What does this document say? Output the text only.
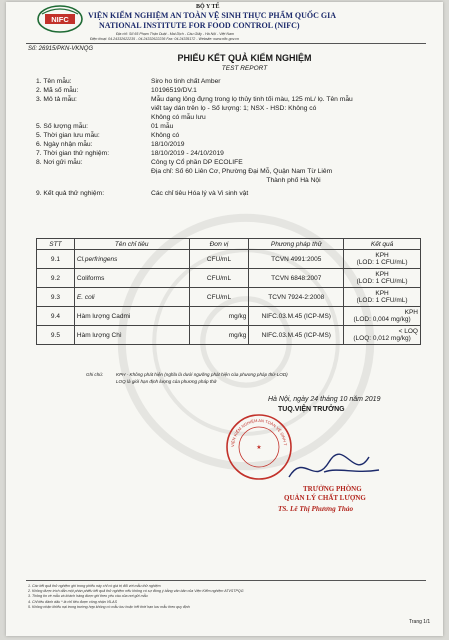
NIFC
BỘ Y TẾ
VIỆN KIỂM NGHIỆM AN TOÀN VỆ SINH THỰC PHẨM QUỐC GIA
NATIONAL INSTITUTE FOR FOOD CONTROL (NIFC)
Địa chỉ: Số 65 Phạm Thận Duật - Mai Dịch - Cầu Giấy - Hà Nội - Việt Nam
Điện thoại: 04.24332622235 - 04.24332622236 Fax: 04.24335172 - Website: www.nifc.gov.vn
Số: 26915/PKN-VKNQG
PHIẾU KẾT QUẢ KIỂM NGHIỆM
TEST REPORT
1. Tên mẫu:	Siro ho tinh chất Amber
2. Mã số mẫu:	10196519/DV.1
3. Mô tả mẫu:	Mẫu dạng lỏng đựng trong lọ thủy tinh tối màu, 125 mL/ lọ. Tên mẫu
viết tay dán trên lọ - Số lượng: 1; NSX - HSD: Không có
Không có mẫu lưu
5. Số lượng mẫu:	01 mẫu
5. Thời gian lưu mẫu:	Không có
6. Ngày nhận mẫu:	18/10/2019
7. Thời gian thử nghiệm:	18/10/2019 - 24/10/2019
8. Nơi gửi mẫu:	Công ty Cổ phần DP ECOLIFE
Địa chỉ: Số 60 Liên Cơ, Phường Đại Mỗ, Quận Nam Từ Liêm
Thành phố Hà Nội
9. Kết quả thử nghiệm:	Các chỉ tiêu Hóa lý và Vi sinh vật
STT	Tên chỉ tiêu	Đơn vị	Phương pháp thử	Kết quả
9.1	Cl.perfringens	CFU/mL	TCVN 4991:2005	KPH
(LOD: 1 CFU/mL)

9.2	Coliforms	CFU/mL	TCVN 6848:2007	KPH
(LOD: 1 CFU/mL)

9.3	E. coli	CFU/mL	TCVN 7924-2:2008	KPH
(LOD: 1 CFU/mL)

9.4	Hàm lượng Cadmi	mg/kg	NIFC.03.M.45 (ICP-MS)	KPH
(LOD: 0,004 mg/kg)

9.5	Hàm lượng Chì	mg/kg	NIFC.03.M.45 (ICP-MS)	< LOQ
(LOQ: 0,012 mg/kg)
Ghi chú:	KPH - Không phát hiện (nghĩa là dưới ngưỡng phát hiện của phương pháp thử-LOD)
LOQ là giới hạn định lượng của phương pháp thử
Hà Nội, ngày 24 tháng 10 năm 2019
TUQ.VIỆN TRƯỞNG
VIỆN KIỂM NGHIỆM AN TOÀN VỆ SINH T
★
TRƯỞNG PHÒNG
QUẢN LÝ CHẤT LƯỢNG
TS. Lê Thị Phương Thảo
1. Các kết quả thử nghiệm ghi trong phiếu này chỉ có giá trị đối với mẫu thử nghiệm
2. Không được trích dẫn một phần phiếu kết quả thử nghiệm nếu không có sự đồng ý bằng văn bản của Viện Kiểm nghiệm ATVSTPQG
3. Thông tin về mẫu và khách hàng được ghi theo yêu cầu của nơi gửi mẫu
4. Chỉ tiêu đánh dấu * là chỉ tiêu được công nhận VILAS
5. Không nhận khiếu nại trong trường hợp không có mẫu lưu hoặc hết thời hạn lưu mẫu theo quy định
Trang 1/1
